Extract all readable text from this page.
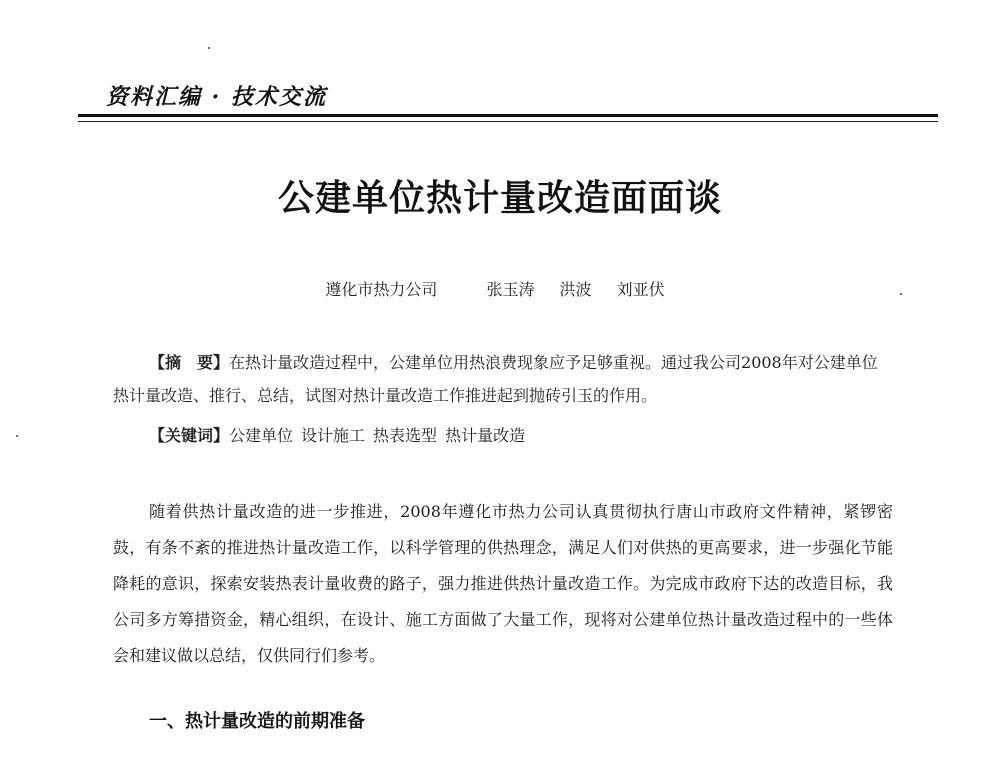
资料汇编 · 技术交流
公建单位热计量改造面面谈
遵化市热力公司	张玉涛 洪波 刘亚伏

【摘　要】在热计量改造过程中，公建单位用热浪费现象应予足够重视。通过我公司2008年对公建单位热计量改造、推行、总结，试图对热计量改造工作推进起到抛砖引玉的作用。

【关键词】公建单位 设计施工 热表选型 热计量改造

随着供热计量改造的进一步推进，2008年遵化市热力公司认真贯彻执行唐山市政府文件精神，紧锣密鼓，有条不紊的推进热计量改造工作，以科学管理的供热理念，满足人们对供热的更高要求，进一步强化节能降耗的意识，探索安装热表计量收费的路子，强力推进供热计量改造工作。为完成市政府下达的改造目标，我公司多方筹措资金，精心组织，在设计、施工方面做了大量工作，现将对公建单位热计量改造过程中的一些体会和建议做以总结，仅供同行们参考。

一、热计量改造的前期准备
